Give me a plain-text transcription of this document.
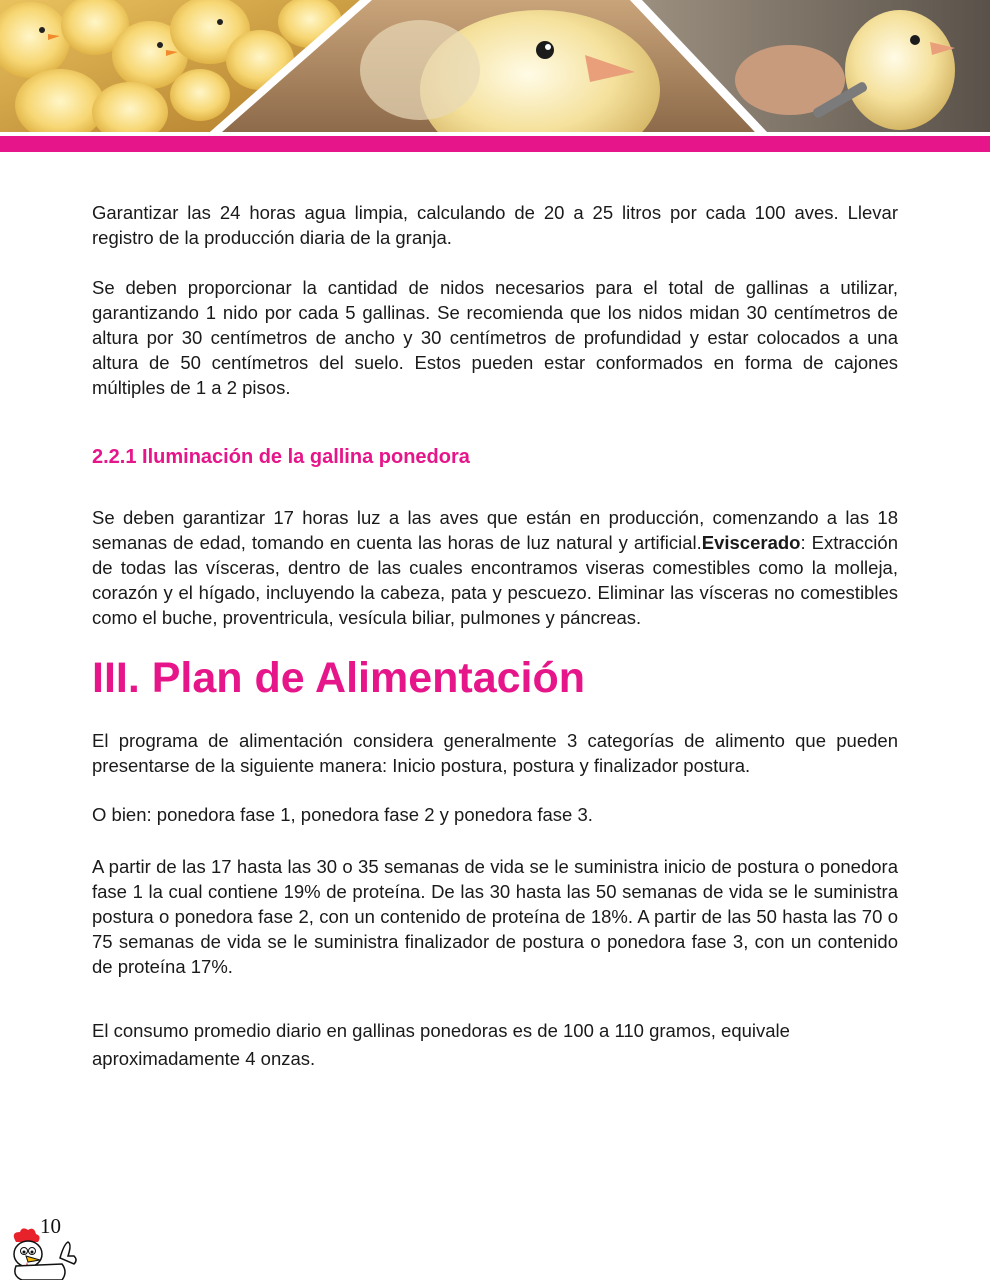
Garantizar las 24 horas agua limpia, calculando de 20 a 25 litros por cada 100 aves. Llevar registro de la producción diaria de la granja.

Se deben proporcionar la cantidad de nidos necesarios para el total de gallinas a utilizar, garantizando 1 nido por cada 5 gallinas. Se recomienda que los nidos midan 30 centímetros de altura por 30 centímetros de ancho y 30 centímetros de profundidad y estar colocados a una altura de 50 centímetros del suelo. Estos pueden estar conformados en forma de cajones múltiples de 1 a 2 pisos.

2.2.1 Iluminación de la gallina ponedora

Se deben garantizar 17 horas luz a las aves que están en producción, comenzando a las 18 semanas de edad, tomando en cuenta las horas de luz natural y artificial.Eviscerado: Extracción de todas las vísceras, dentro de las cuales encontramos viseras comestibles como la molleja, corazón y el hígado, incluyendo la cabeza, pata y pescuezo. Eliminar las vísceras no comestibles como el buche, proventricula, vesícula biliar, pulmones y páncreas.

III. Plan de Alimentación

El programa de alimentación considera generalmente 3 categorías de alimento que pueden presentarse de la siguiente manera: Inicio postura, postura y finalizador postura.

O bien: ponedora fase 1, ponedora fase 2 y ponedora fase 3.

A partir de las 17 hasta las 30 o 35 semanas de vida se le suministra inicio de postura o ponedora fase 1 la cual contiene 19% de proteína. De las 30 hasta las 50 semanas de vida se le suministra postura o ponedora fase 2, con un contenido de proteína de 18%. A partir de las 50 hasta las 70 o 75 semanas de vida se le suministra finalizador de postura o ponedora fase 3, con un contenido de proteína 17%.

El consumo promedio diario en gallinas ponedoras es de 100 a 110 gramos, equivale aproximadamente 4 onzas.

10
